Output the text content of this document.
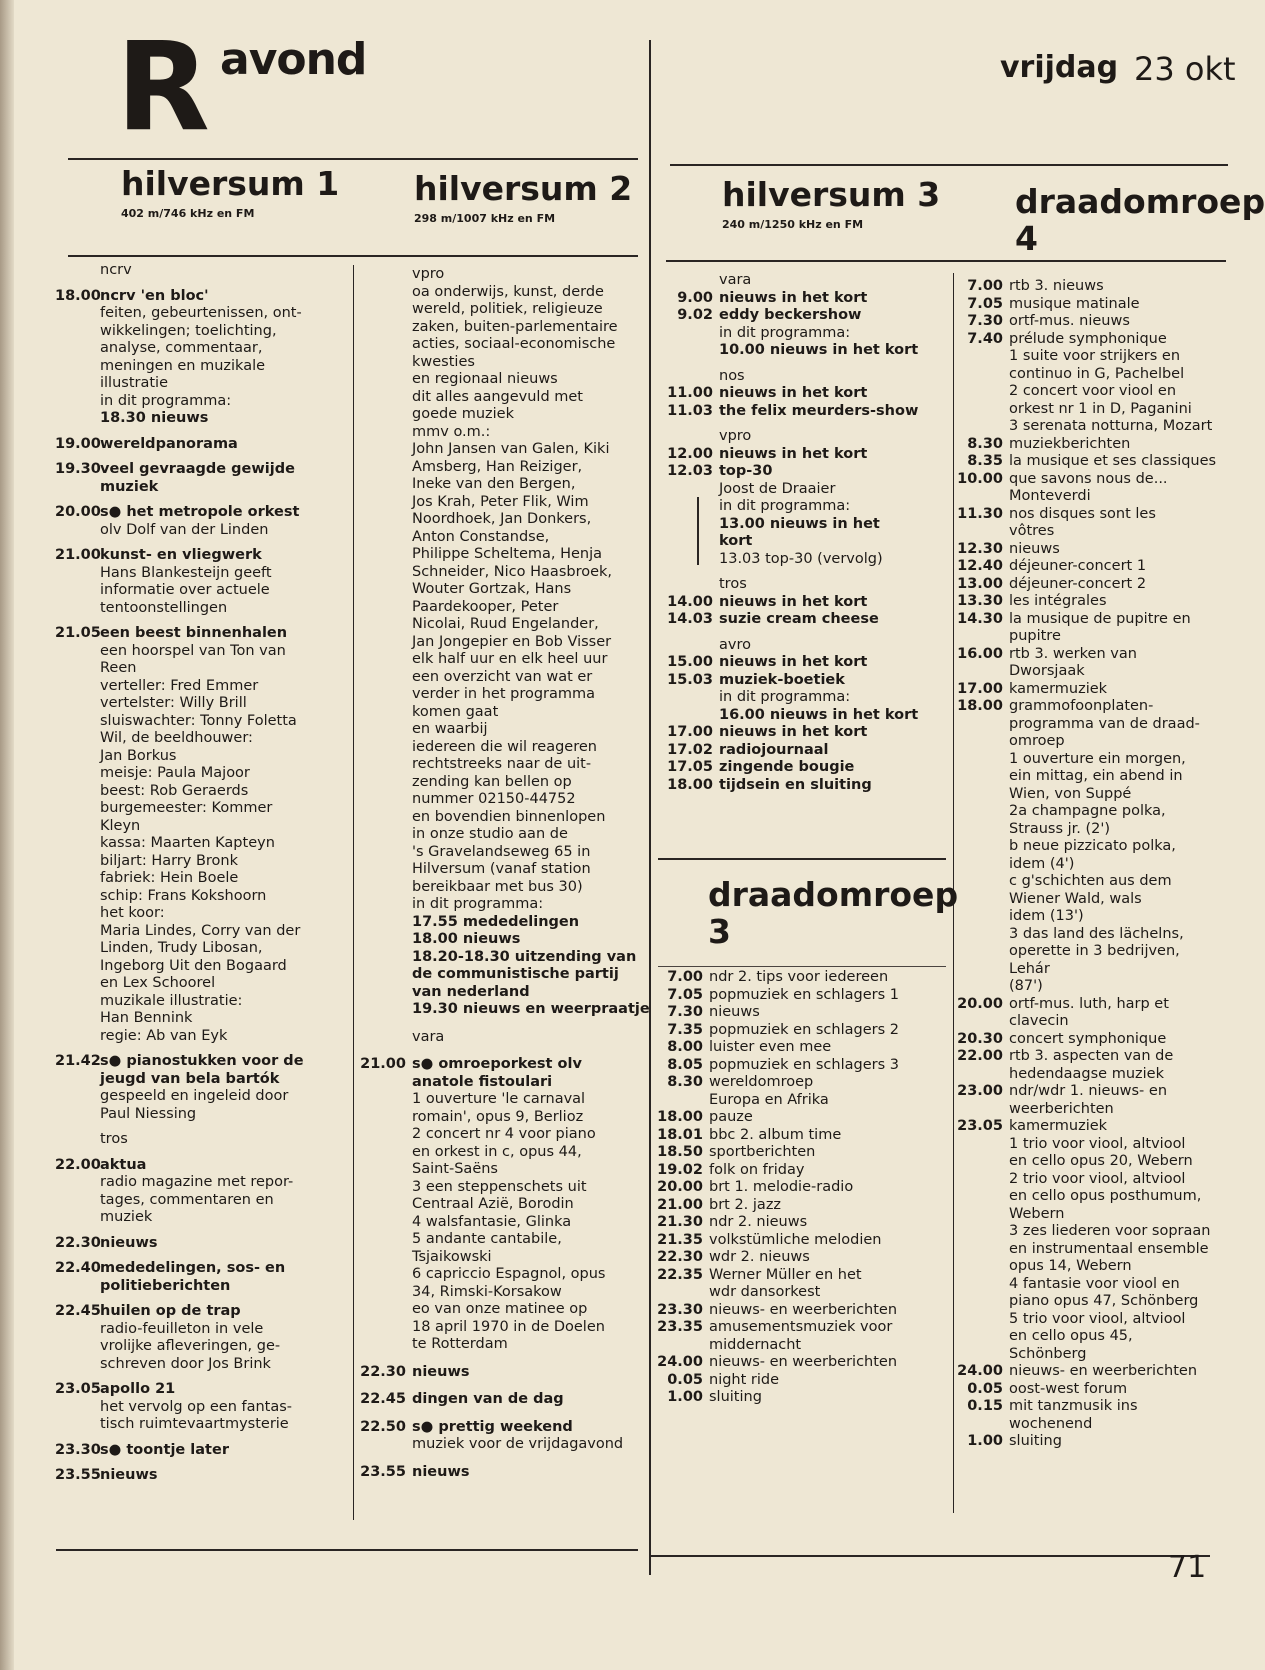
R avond	vrijdag 23 okt
hilversum 1
402 m/746 kHz en FM
hilversum 2
298 m/1007 kHz en FM
hilversum 3
240 m/1250 kHz en FM
draadomroep
4
draadomroep
3
ncrv
18.00 ncrv 'en bloc'
feiten, gebeurtenissen, ont-
wikkelingen; toelichting,
analyse, commentaar,
meningen en muzikale
illustratie
in dit programma:
18.30 nieuws
19.00 wereldpanorama
19.30 veel gevraagde gewijde
muziek
20.00 s● het metropole orkest
olv Dolf van der Linden
21.00 kunst- en vliegwerk
Hans Blankesteijn geeft
informatie over actuele
tentoonstellingen
21.05 een beest binnenhalen
een hoorspel van Ton van
Reen
verteller: Fred Emmer
vertelster: Willy Brill
sluiswachter: Tonny Foletta
Wil, de beeldhouwer:
Jan Borkus
meisje: Paula Majoor
beest: Rob Geraerds
burgemeester: Kommer
Kleyn
kassa: Maarten Kapteyn
biljart: Harry Bronk
fabriek: Hein Boele
schip: Frans Kokshoorn
het koor:
Maria Lindes, Corry van der
Linden, Trudy Libosan,
Ingeborg Uit den Bogaard
en Lex Schoorel
muzikale illustratie:
Han Bennink
regie: Ab van Eyk
21.42 s● pianostukken voor de
jeugd van bela bartók
gespeeld en ingeleid door
Paul Niessing
tros
22.00 aktua
radio magazine met repor-
tages, commentaren en
muziek
22.30 nieuws
22.40 mededelingen, sos- en
politieberichten
22.45 huilen op de trap
radio-feuilleton in vele
vrolijke afleveringen, ge-
schreven door Jos Brink
23.05 apollo 21
het vervolg op een fantas-
tisch ruimtevaartmysterie
23.30 s● toontje later
23.55 nieuws
vpro
oa onderwijs, kunst, derde
wereld, politiek, religieuze
zaken, buiten-parlementaire
acties, sociaal-economische
kwesties
en regionaal nieuws
dit alles aangevuld met
goede muziek
mmv o.m.:
John Jansen van Galen, Kiki
Amsberg, Han Reiziger,
Ineke van den Bergen,
Jos Krah, Peter Flik, Wim
Noordhoek, Jan Donkers,
Anton Constandse,
Philippe Scheltema, Henja
Schneider, Nico Haasbroek,
Wouter Gortzak, Hans
Paardekooper, Peter
Nicolai, Ruud Engelander,
Jan Jongepier en Bob Visser
elk half uur en elk heel uur
een overzicht van wat er
verder in het programma
komen gaat
en waarbij
iedereen die wil reageren
rechtstreeks naar de uit-
zending kan bellen op
nummer 02150-44752
en bovendien binnenlopen
in onze studio aan de
's Gravelandseweg 65 in
Hilversum (vanaf station
bereikbaar met bus 30)
in dit programma:
17.55 mededelingen
18.00 nieuws
18.20-18.30 uitzending van
de communistische partij
van nederland
19.30 nieuws en weerpraatje
vara
21.00 s● omroeporkest olv
anatole fistoulari
1 ouverture 'le carnaval
romain', opus 9, Berlioz
2 concert nr 4 voor piano
en orkest in c, opus 44,
Saint-Saëns
3 een steppenschets uit
Centraal Azië, Borodin
4 walsfantasie, Glinka
5 andante cantabile,
Tsjaikowski
6 capriccio Espagnol, opus
34, Rimski-Korsakow
eo van onze matinee op
18 april 1970 in de Doelen
te Rotterdam
22.30 nieuws
22.45 dingen van de dag
22.50 s● prettig weekend
muziek voor de vrijdagavond
23.55 nieuws
vara
9.00 nieuws in het kort
9.02 eddy beckershow
in dit programma:
10.00 nieuws in het kort
nos
11.00 nieuws in het kort
11.03 the felix meurders-show
vpro
12.00 nieuws in het kort
12.03 top-30
Joost de Draaier
in dit programma:
13.00 nieuws in het
kort
13.03 top-30 (vervolg)
tros
14.00 nieuws in het kort
14.03 suzie cream cheese
avro
15.00 nieuws in het kort
15.03 muziek-boetiek
in dit programma:
16.00 nieuws in het kort
17.00 nieuws in het kort
17.02 radiojournaal
17.05 zingende bougie
18.00 tijdsein en sluiting
7.00 ndr 2. tips voor iedereen
7.05 popmuziek en schlagers 1
7.30 nieuws
7.35 popmuziek en schlagers 2
8.00 luister even mee
8.05 popmuziek en schlagers 3
8.30 wereldomroep
Europa en Afrika
18.00 pauze
18.01 bbc 2. album time
18.50 sportberichten
19.02 folk on friday
20.00 brt 1. melodie-radio
21.00 brt 2. jazz
21.30 ndr 2. nieuws
21.35 volkstümliche melodien
22.30 wdr 2. nieuws
22.35 Werner Müller en het
wdr dansorkest
23.30 nieuws- en weerberichten
23.35 amusementsmuziek voor
middernacht
24.00 nieuws- en weerberichten
0.05 night ride
1.00 sluiting
7.00 rtb 3. nieuws
7.05 musique matinale
7.30 ortf-mus. nieuws
7.40 prélude symphonique
1 suite voor strijkers en
continuo in G, Pachelbel
2 concert voor viool en
orkest nr 1 in D, Paganini
3 serenata notturna, Mozart
8.30 muziekberichten
8.35 la musique et ses classiques
10.00 que savons nous de...
Monteverdi
11.30 nos disques sont les
vôtres
12.30 nieuws
12.40 déjeuner-concert 1
13.00 déjeuner-concert 2
13.30 les intégrales
14.30 la musique de pupitre en
pupitre
16.00 rtb 3. werken van
Dworsjaak
17.00 kamermuziek
18.00 grammofoonplaten-
programma van de draad-
omroep
1 ouverture ein morgen,
ein mittag, ein abend in
Wien, von Suppé
2a champagne polka,
Strauss jr. (2')
b neue pizzicato polka,
idem (4')
c g'schichten aus dem
Wiener Wald, wals
idem (13')
3 das land des lächelns,
operette in 3 bedrijven,
Lehár
(87')
20.00 ortf-mus. luth, harp et
clavecin
20.30 concert symphonique
22.00 rtb 3. aspecten van de
hedendaagse muziek
23.00 ndr/wdr 1. nieuws- en
weerberichten
23.05 kamermuziek
1 trio voor viool, altviool
en cello opus 20, Webern
2 trio voor viool, altviool
en cello opus posthumum,
Webern
3 zes liederen voor sopraan
en instrumentaal ensemble
opus 14, Webern
4 fantasie voor viool en
piano opus 47, Schönberg
5 trio voor viool, altviool
en cello opus 45,
Schönberg
24.00 nieuws- en weerberichten
0.05 oost-west forum
0.15 mit tanzmusik ins
wochenend
1.00 sluiting
71
